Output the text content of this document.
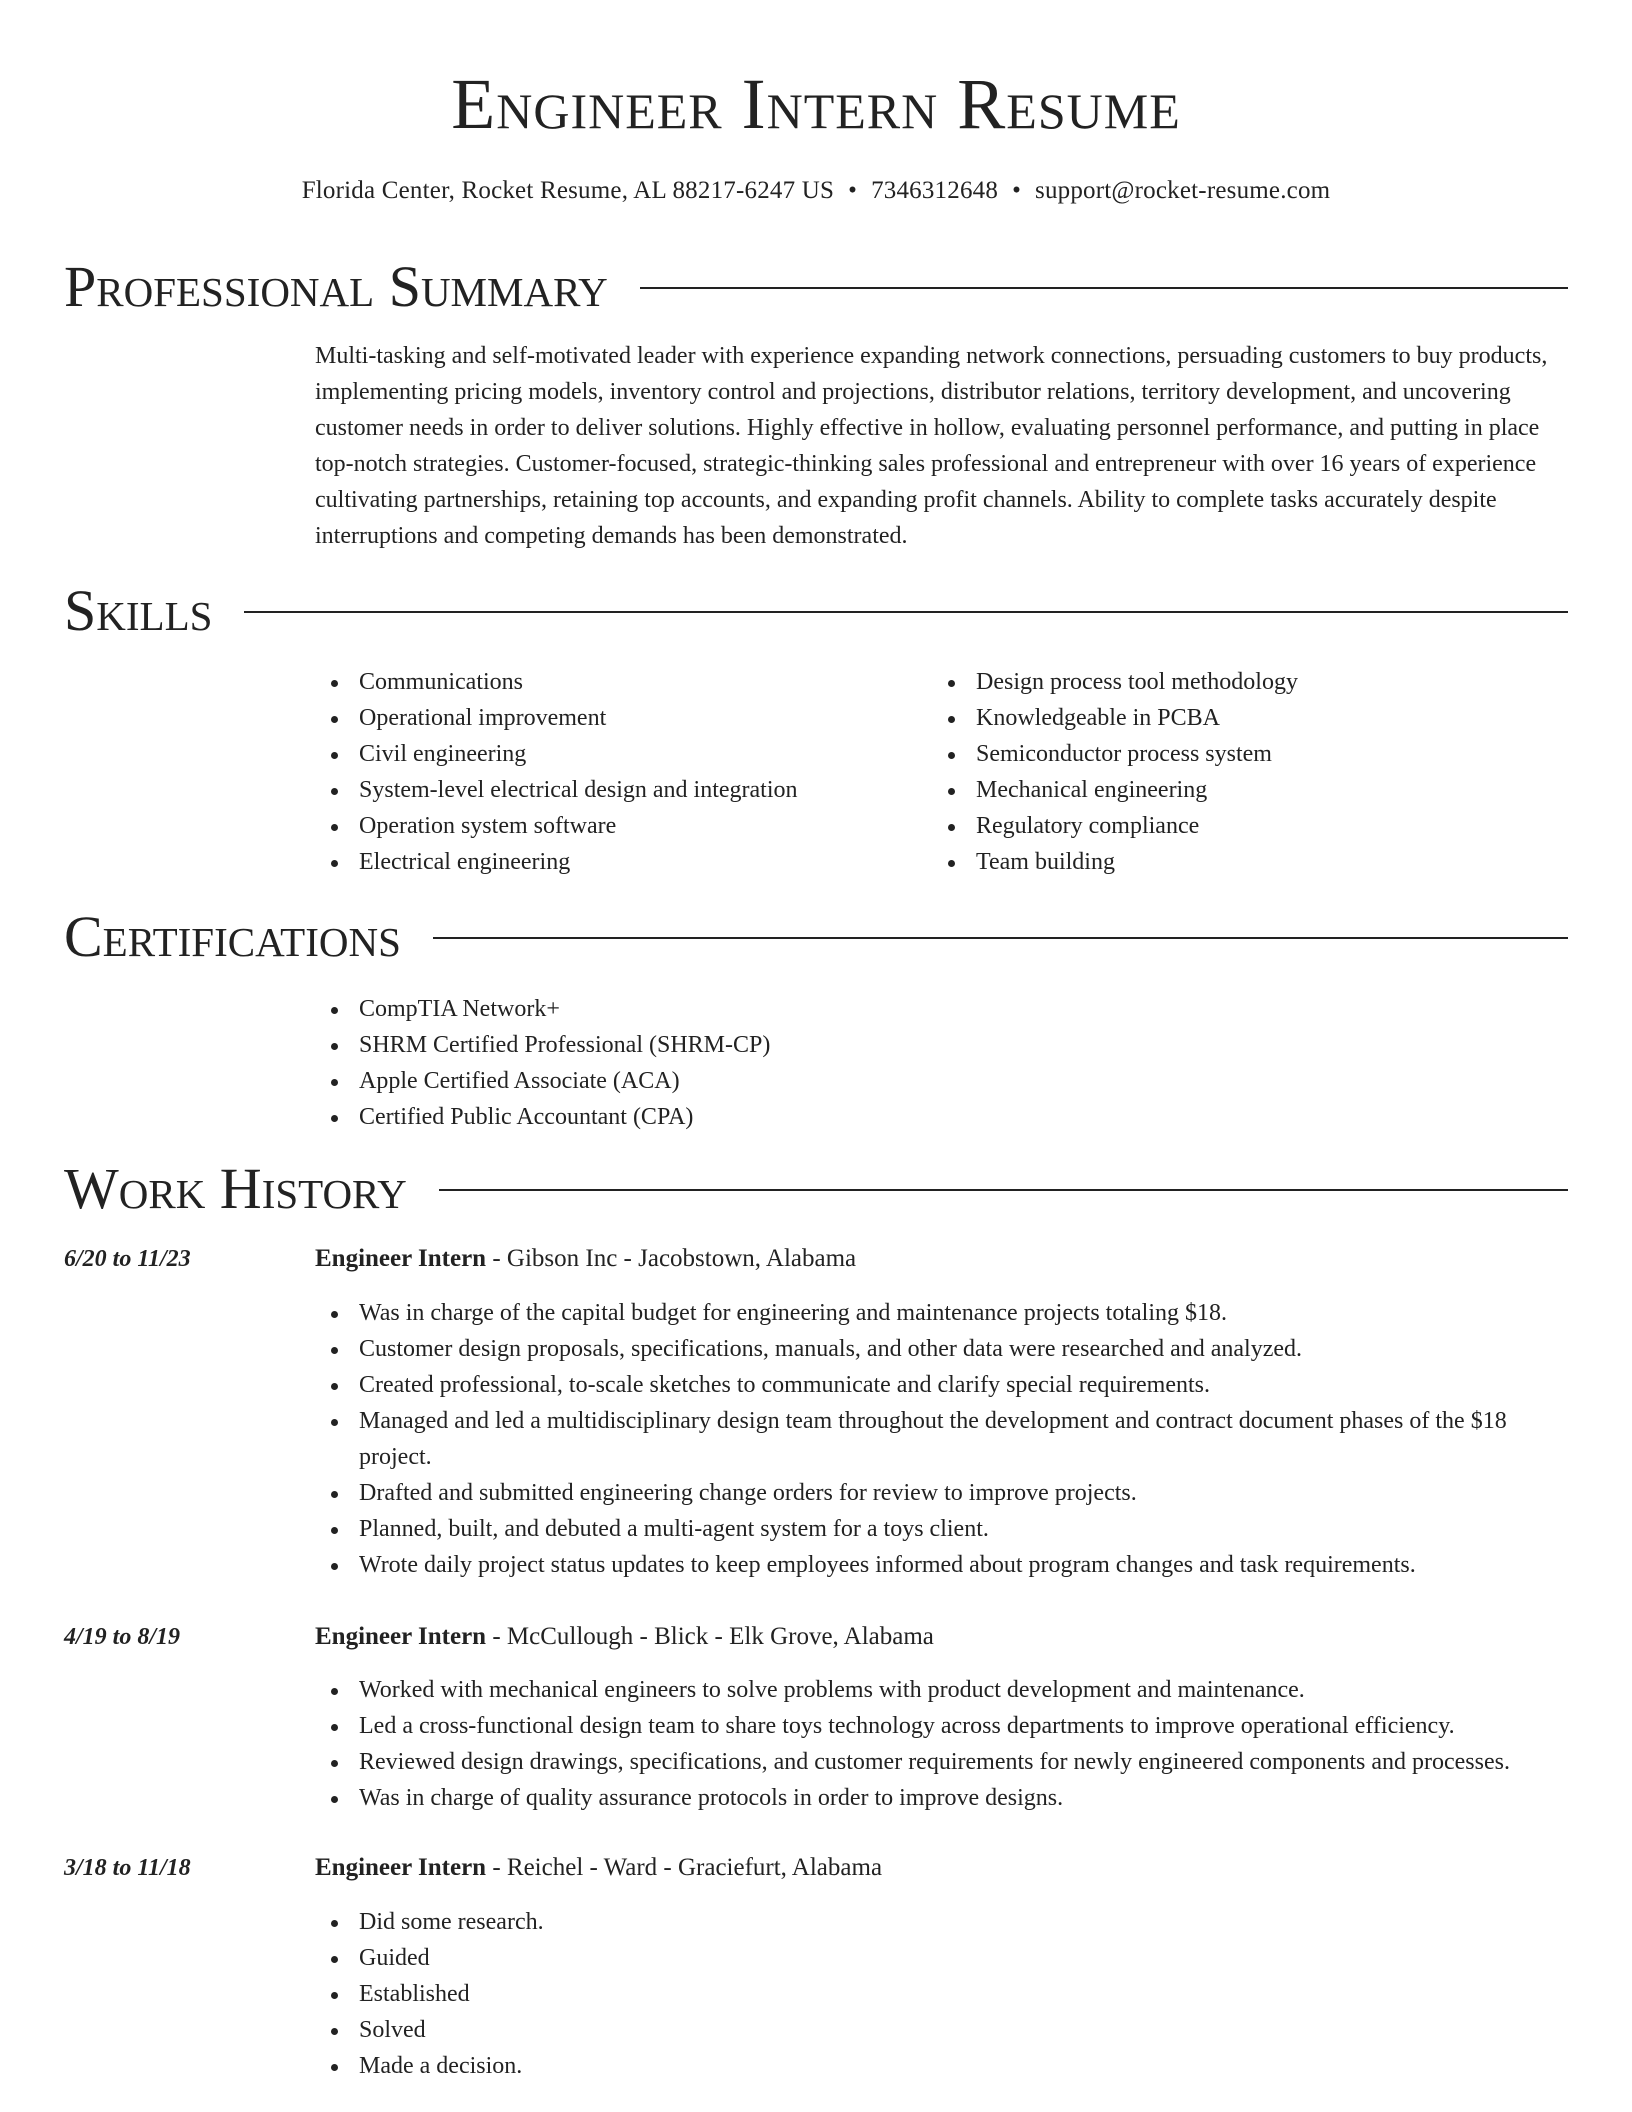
Engineer Intern Resume
Florida Center, Rocket Resume, AL 88217-6247 US • 7346312648 • support@rocket-resume.com
Professional Summary

Multi-tasking and self-motivated leader with experience expanding network connections, persuading customers to buy products, implementing pricing models, inventory control and projections, distributor relations, territory development, and uncovering customer needs in order to deliver solutions. Highly effective in hollow, evaluating personnel performance, and putting in place top-notch strategies. Customer-focused, strategic-thinking sales professional and entrepreneur with over 16 years of experience cultivating partnerships, retaining top accounts, and expanding profit channels. Ability to complete tasks accurately despite interruptions and competing demands has been demonstrated.

Skills
Communications
Operational improvement
Civil engineering
System-level electrical design and integration
Operation system software
Electrical engineering
Design process tool methodology
Knowledgeable in PCBA
Semiconductor process system
Mechanical engineering
Regulatory compliance
Team building
Certifications
CompTIA Network+
SHRM Certified Professional (SHRM-CP)
Apple Certified Associate (ACA)
Certified Public Accountant (CPA)
Work History
6/20 to 11/23	Engineer Intern - Gibson Inc - Jacobstown, Alabama
Was in charge of the capital budget for engineering and maintenance projects totaling $18.
Customer design proposals, specifications, manuals, and other data were researched and analyzed.
Created professional, to-scale sketches to communicate and clarify special requirements.
Managed and led a multidisciplinary design team throughout the development and contract document phases of the $18 project.
Drafted and submitted engineering change orders for review to improve projects.
Planned, built, and debuted a multi-agent system for a toys client.
Wrote daily project status updates to keep employees informed about program changes and task requirements.
4/19 to 8/19	Engineer Intern - McCullough - Blick - Elk Grove, Alabama
Worked with mechanical engineers to solve problems with product development and maintenance.
Led a cross-functional design team to share toys technology across departments to improve operational efficiency.
Reviewed design drawings, specifications, and customer requirements for newly engineered components and processes.
Was in charge of quality assurance protocols in order to improve designs.
3/18 to 11/18	Engineer Intern - Reichel - Ward - Graciefurt, Alabama
Did some research.
Guided
Established
Solved
Made a decision.
